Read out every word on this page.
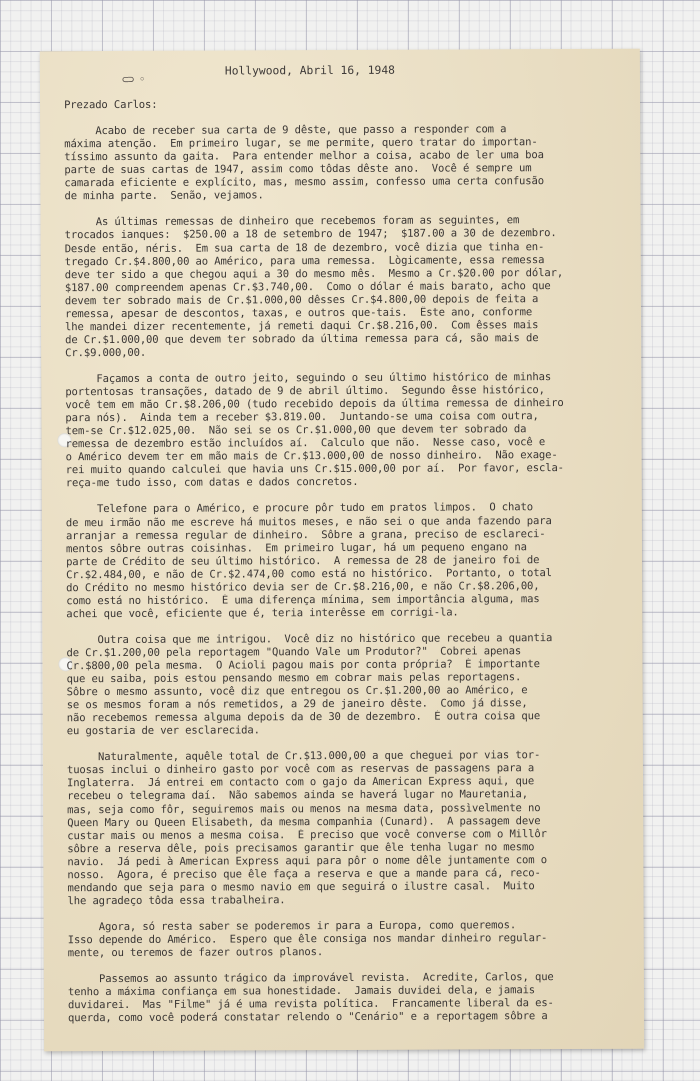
⊂⊃ ◦
Hollywood, Abril 16, 1948
Prezado Carlos:

Acabo de receber sua carta de 9 dêste, que passo a responder com a
máxima atenção.  Em primeiro lugar, se me permite, quero tratar do importan-
tíssimo assunto da gaita.  Para entender melhor a coisa, acabo de ler uma boa
parte de suas cartas de 1947, assim como tôdas dêste ano.  Você é sempre um
camarada eficiente e explícito, mas, mesmo assim, confesso uma certa confusão
de minha parte.  Senão, vejamos.

As últimas remessas de dinheiro que recebemos foram as seguintes, em
trocados ianques:  $250.00 a 18 de setembro de 1947;  $187.00 a 30 de dezembro.
Desde então, néris.  Em sua carta de 18 de dezembro, você dizia que tinha en-
tregado Cr.$4.800,00 ao Américo, para uma remessa.  Lògicamente, essa remessa
deve ter sido a que chegou aqui a 30 do mesmo mês.  Mesmo a Cr.$20.00 por dólar,
$187.00 compreendem apenas Cr.$3.740,00.  Como o dólar é mais barato, acho que
devem ter sobrado mais de Cr.$1.000,00 dêsses Cr.$4.800,00 depois de feita a
remessa, apesar de descontos, taxas, e outros que-tais.  Êste ano, conforme
lhe mandei dizer recentemente, já remeti daqui Cr.$8.216,00.  Com êsses mais
de Cr.$1.000,00 que devem ter sobrado da última remessa para cá, são mais de
Cr.$9.000,00.

Façamos a conta de outro jeito, seguindo o seu último histórico de minhas
portentosas transações, datado de 9 de abril último.  Segundo êsse histórico,
você tem em mão Cr.$8.206,00 (tudo recebido depois da última remessa de dinheiro
para nós).  Ainda tem a receber $3.819.00.  Juntando-se uma coisa com outra,
tem-se Cr.$12.025,00.  Não sei se os Cr.$1.000,00 que devem ter sobrado da
remessa de dezembro estão incluídos aí.  Calculo que não.  Nesse caso, você e
o Américo devem ter em mão mais de Cr.$13.000,00 de nosso dinheiro.  Não exage-
rei muito quando calculei que havia uns Cr.$15.000,00 por aí.  Por favor, escla-
reça-me tudo isso, com datas e dados concretos.

Telefone para o Américo, e procure pôr tudo em pratos limpos.  O chato
de meu irmão não me escreve há muitos meses, e não sei o que anda fazendo para
arranjar a remessa regular de dinheiro.  Sôbre a grana, preciso de esclareci-
mentos sôbre outras coisinhas.  Em primeiro lugar, há um pequeno engano na
parte de Crédito de seu último histórico.  A remessa de 28 de janeiro foi de
Cr.$2.484,00, e não de Cr.$2.474,00 como está no histórico.  Portanto, o total
do Crédito no mesmo histórico devia ser de Cr.$8.216,00, e não Cr.$8.206,00,
como está no histórico.  É uma diferença mínima, sem importância alguma, mas
achei que você, eficiente que é, teria interêsse em corrigi-la.

Outra coisa que me intrigou.  Você diz no histórico que recebeu a quantia
de Cr.$1.200,00 pela reportagem "Quando Vale um Produtor?"  Cobrei apenas
Cr.$800,00 pela mesma.  O Acioli pagou mais por conta própria?  É importante
que eu saiba, pois estou pensando mesmo em cobrar mais pelas reportagens.
Sôbre o mesmo assunto, você diz que entregou os Cr.$1.200,00 ao Américo, e
se os mesmos foram a nós remetidos, a 29 de janeiro dêste.  Como já disse,
não recebemos remessa alguma depois da de 30 de dezembro.  É outra coisa que
eu gostaria de ver esclarecida.

Naturalmente, aquêle total de Cr.$13.000,00 a que cheguei por vias tor-
tuosas inclui o dinheiro gasto por você com as reservas de passagens para a
Inglaterra.  Já entrei em contacto com o gajo da American Express aqui, que
recebeu o telegrama daí.  Não sabemos ainda se haverá lugar no Mauretania,
mas, seja como fôr, seguiremos mais ou menos na mesma data, possìvelmente no
Queen Mary ou Queen Elisabeth, da mesma companhia (Cunard).  A passagem deve
custar mais ou menos a mesma coisa.  É preciso que você converse com o Millôr
sôbre a reserva dêle, pois precisamos garantir que êle tenha lugar no mesmo
navio.  Já pedi à American Express aqui para pôr o nome dêle juntamente com o
nosso.  Agora, é preciso que êle faça a reserva e que a mande para cá, reco-
mendando que seja para o mesmo navio em que seguirá o ilustre casal.  Muito
lhe agradeço tôda essa trabalheira.

Agora, só resta saber se poderemos ir para a Europa, como queremos.
Isso depende do Américo.  Espero que êle consiga nos mandar dinheiro regular-
mente, ou teremos de fazer outros planos.

Passemos ao assunto trágico da improvável revista.  Acredite, Carlos, que
tenho a máxima confiança em sua honestidade.  Jamais duvidei dela, e jamais
duvidarei.  Mas "Filme" já é uma revista política.  Francamente liberal da es-
querda, como você poderá constatar relendo o "Cenário" e a reportagem sôbre a
